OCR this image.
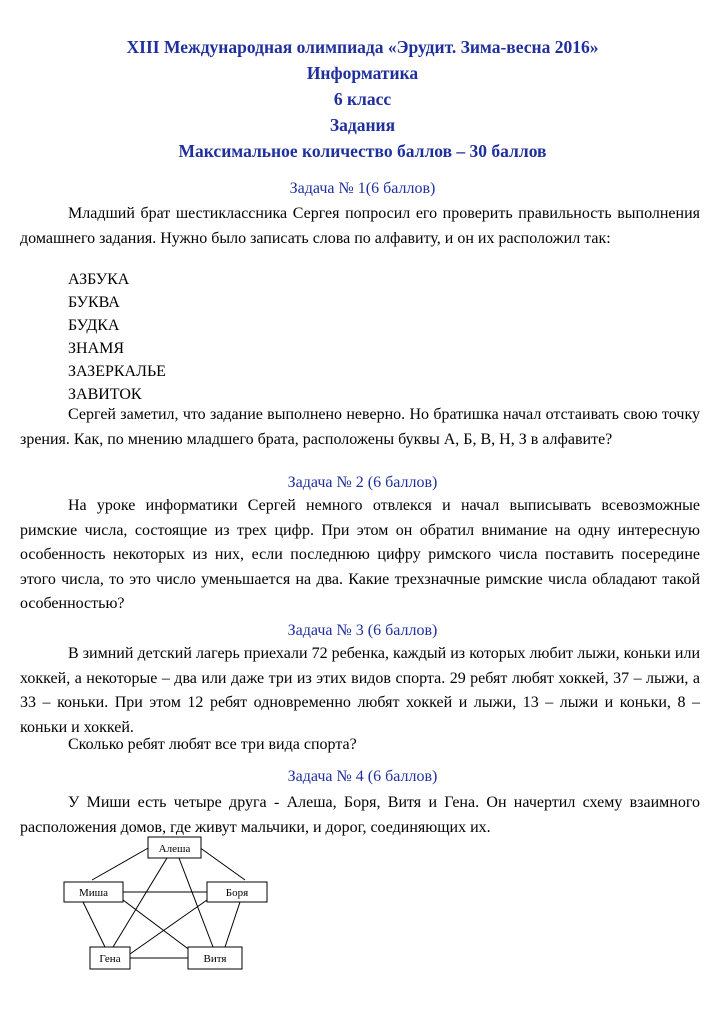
XIII Международная олимпиада «Эрудит. Зима-весна 2016»
Информатика
6 класс
Задания
Максимальное количество баллов – 30 баллов
Задача № 1(6 баллов)
Младший брат шестиклассника Сергея попросил его проверить правильность выполнения домашнего задания. Нужно было записать слова по алфавиту, и он их расположил так:
АЗБУКА
БУКВА
БУДКА
ЗНАМЯ
ЗАЗЕРКАЛЬЕ
ЗАВИТОК
Сергей заметил, что задание выполнено неверно. Но братишка начал отстаивать свою точку зрения. Как, по мнению младшего брата, расположены буквы А, Б, В, Н, З в алфавите?
Задача № 2 (6 баллов)
На уроке информатики Сергей немного отвлекся и начал выписывать всевозможные римские числа, состоящие из трех цифр. При этом он обратил внимание на одну интересную особенность некоторых из них, если последнюю цифру римского числа поставить посередине этого числа, то это число уменьшается на два. Какие трехзначные римские числа обладают такой особенностью?
Задача № 3 (6 баллов)
В зимний детский лагерь приехали 72 ребенка, каждый из которых любит лыжи, коньки или хоккей, а некоторые – два или даже три из этих видов спорта. 29 ребят любят хоккей, 37 – лыжи, а 33 – коньки. При этом 12 ребят одновременно любят хоккей и лыжи, 13 – лыжи и коньки, 8 – коньки и хоккей.
Сколько ребят любят все три вида спорта?
Задача № 4 (6 баллов)
У Миши есть четыре друга - Алеша, Боря, Витя и Гена. Он начертил схему взаимного расположения домов, где живут мальчики, и дорог, соединяющих их.
Алеша
Миша	Боря
Гена	Витя
